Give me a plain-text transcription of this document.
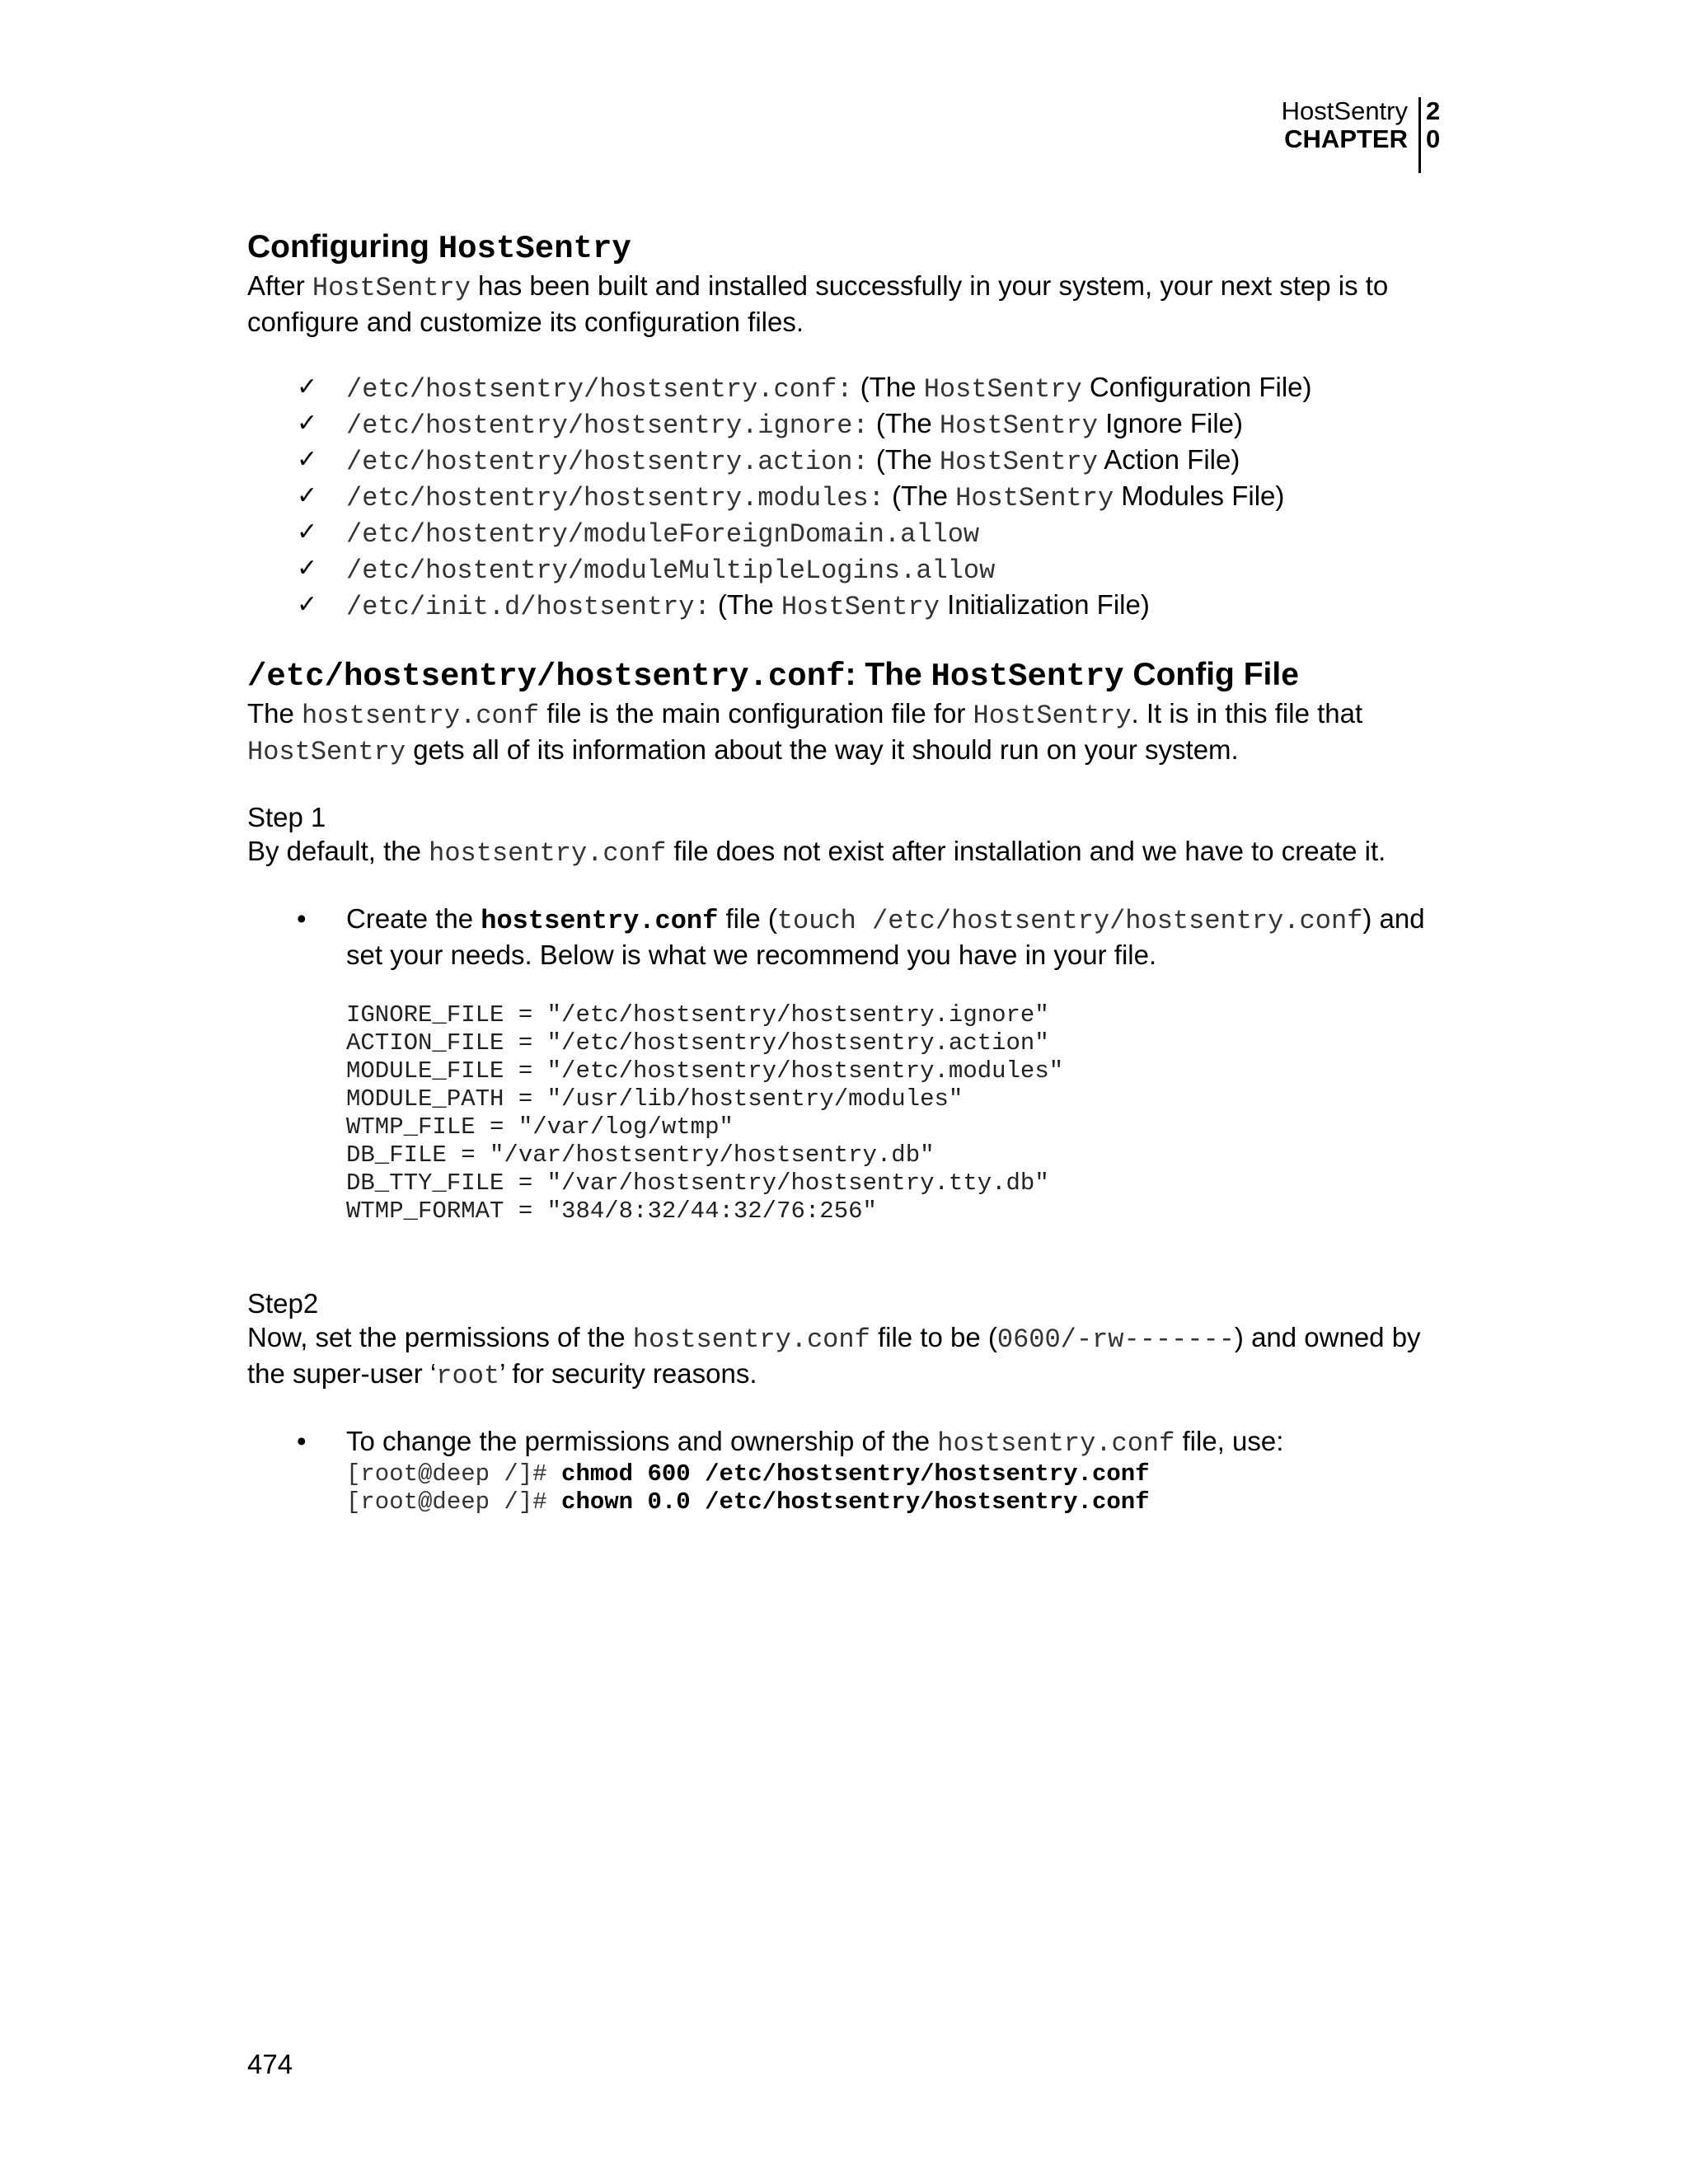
HostSentry
CHAPTER
2
0
Configuring HostSentry

After HostSentry has been built and installed successfully in your system, your next step is to configure and customize its configuration files.

✓ /etc/hostsentry/hostsentry.conf: (The HostSentry Configuration File)
✓ /etc/hostentry/hostsentry.ignore: (The HostSentry Ignore File)
✓ /etc/hostentry/hostsentry.action: (The HostSentry Action File)
✓ /etc/hostentry/hostsentry.modules: (The HostSentry Modules File)
✓ /etc/hostentry/moduleForeignDomain.allow
✓ /etc/hostentry/moduleMultipleLogins.allow
✓ /etc/init.d/hostsentry: (The HostSentry Initialization File)
/etc/hostsentry/hostsentry.conf: The HostSentry Config File

The hostsentry.conf file is the main configuration file for HostSentry. It is in this file that HostSentry gets all of its information about the way it should run on your system.

Step 1

By default, the hostsentry.conf file does not exist after installation and we have to create it.

• Create the hostsentry.conf file (touch /etc/hostsentry/hostsentry.conf) and set your needs. Below is what we recommend you have in your file.

IGNORE_FILE = "/etc/hostsentry/hostsentry.ignore"
ACTION_FILE = "/etc/hostsentry/hostsentry.action"
MODULE_FILE = "/etc/hostsentry/hostsentry.modules"
MODULE_PATH = "/usr/lib/hostsentry/modules"
WTMP_FILE = "/var/log/wtmp"
DB_FILE = "/var/hostsentry/hostsentry.db"
DB_TTY_FILE = "/var/hostsentry/hostsentry.tty.db"
WTMP_FORMAT = "384/8:32/44:32/76:256"

Step2

Now, set the permissions of the hostsentry.conf file to be (0600/-rw-------) and owned by the super-user ‘root’ for security reasons.

• To change the permissions and ownership of the hostsentry.conf file, use:

[root@deep /]# chmod 600 /etc/hostsentry/hostsentry.conf
[root@deep /]# chown 0.0 /etc/hostsentry/hostsentry.conf
474
